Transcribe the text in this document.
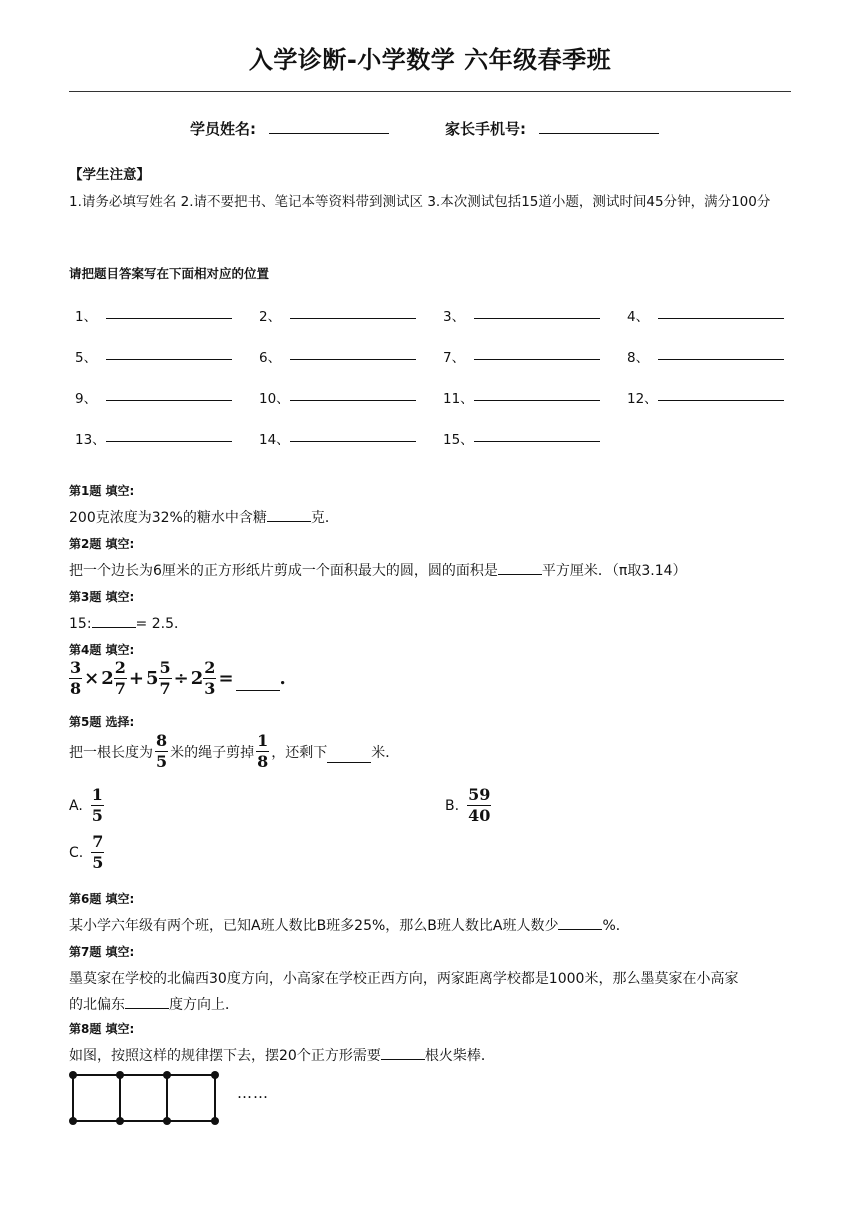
入学诊断-小学数学 六年级春季班
学员姓名:	家长手机号:
【学生注意】
1.请务必填写姓名 2.请不要把书、笔记本等资料带到测试区 3.本次测试包括15道小题，测试时间45分钟，满分100分
请把题目答案写在下面相对应的位置
1、	2、	3、	4、
5、	6、	7、	8、
9、	10、	11、	12、
13、	14、	15、
第1题 填空:
200克浓度为32%的糖水中含糖	克．
第2题 填空:
把一个边长为6厘米的正方形纸片剪成一个面积最大的圆，圆的面积是	平方厘米．（π取3.14）
第3题 填空:
15:	= 2.5．
第4题 填空:
$\frac{3}{8} \times 2 \frac{2}{7} + 5 \frac{5}{7} \div 2 \frac{2}{3}$ =	.
第5题 选择:
把一根长度为 $\frac{8}{5}$ 米的绳子剪掉 $\frac{1}{8}$ ，还剩下	米．
A. $\frac{1}{5}$	B. $\frac{59}{40}$
C. $\frac{7}{5}$
第6题 填空:
某小学六年级有两个班，已知A班人数比B班多25%，那么B班人数比A班人数少	%．
第7题 填空:
墨莫家在学校的北偏西30度方向，小高家在学校正西方向，两家距离学校都是1000米，那么墨莫家在小高家
的北偏东	度方向上．
第8题 填空:
如图，按照这样的规律摆下去，摆20个正方形需要	根火柴棒．
……
